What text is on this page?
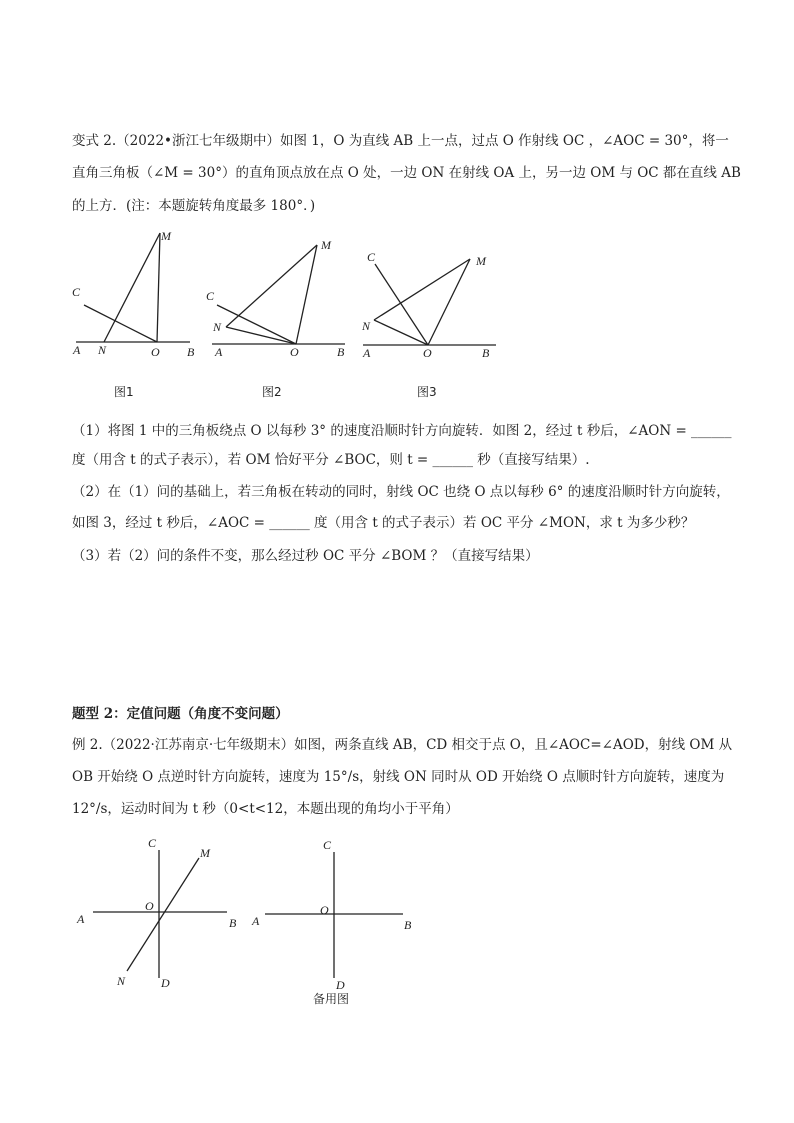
变式 2.（2022•浙江七年级期中）如图 1，O 为直线 AB 上一点，过点 O 作射线 OC ，∠AOC = 30°，将一

直角三角板（∠M = 30°）的直角顶点放在点 O 处，一边 ON 在射线 OA 上，另一边 OM 与 OC 都在直线 AB

的上方．(注：本题旋转角度最多 180°．)

M
C
A N	O B
图1
M
C
N
A	O	B
图2
M
C
N
A	O	B
图3

（1）将图 1 中的三角板绕点 O 以每秒 3° 的速度沿顺时针方向旋转．如图 2，经过 t 秒后，∠AON = ______

度（用含 t 的式子表示），若 OM 恰好平分 ∠BOC，则 t = ______ 秒（直接写结果）.

（2）在（1）问的基础上，若三角板在转动的同时，射线 OC 也绕 O 点以每秒 6° 的速度沿顺时针方向旋转，

如图 3，经过 t 秒后，∠AOC = ______ 度（用含 t 的式子表示）若 OC 平分 ∠MON，求 t 为多少秒？

（3）若（2）问的条件不变，那么经过秒 OC 平分 ∠BOM ？（直接写结果）

题型 2：定值问题（角度不变问题）

例 2.（2022·江苏南京·七年级期末）如图，两条直线 AB，CD 相交于点 O，且∠AOC=∠AOD，射线 OM 从

OB 开始绕 O 点逆时针方向旋转，速度为 15°/s，射线 ON 同时从 OD 开始绕 O 点顺时针方向旋转，速度为

12°/s，运动时间为 t 秒（0<t<12，本题出现的角均小于平角）

C
M
A
O
B
N	D
C
A
O
B
D
备用图
